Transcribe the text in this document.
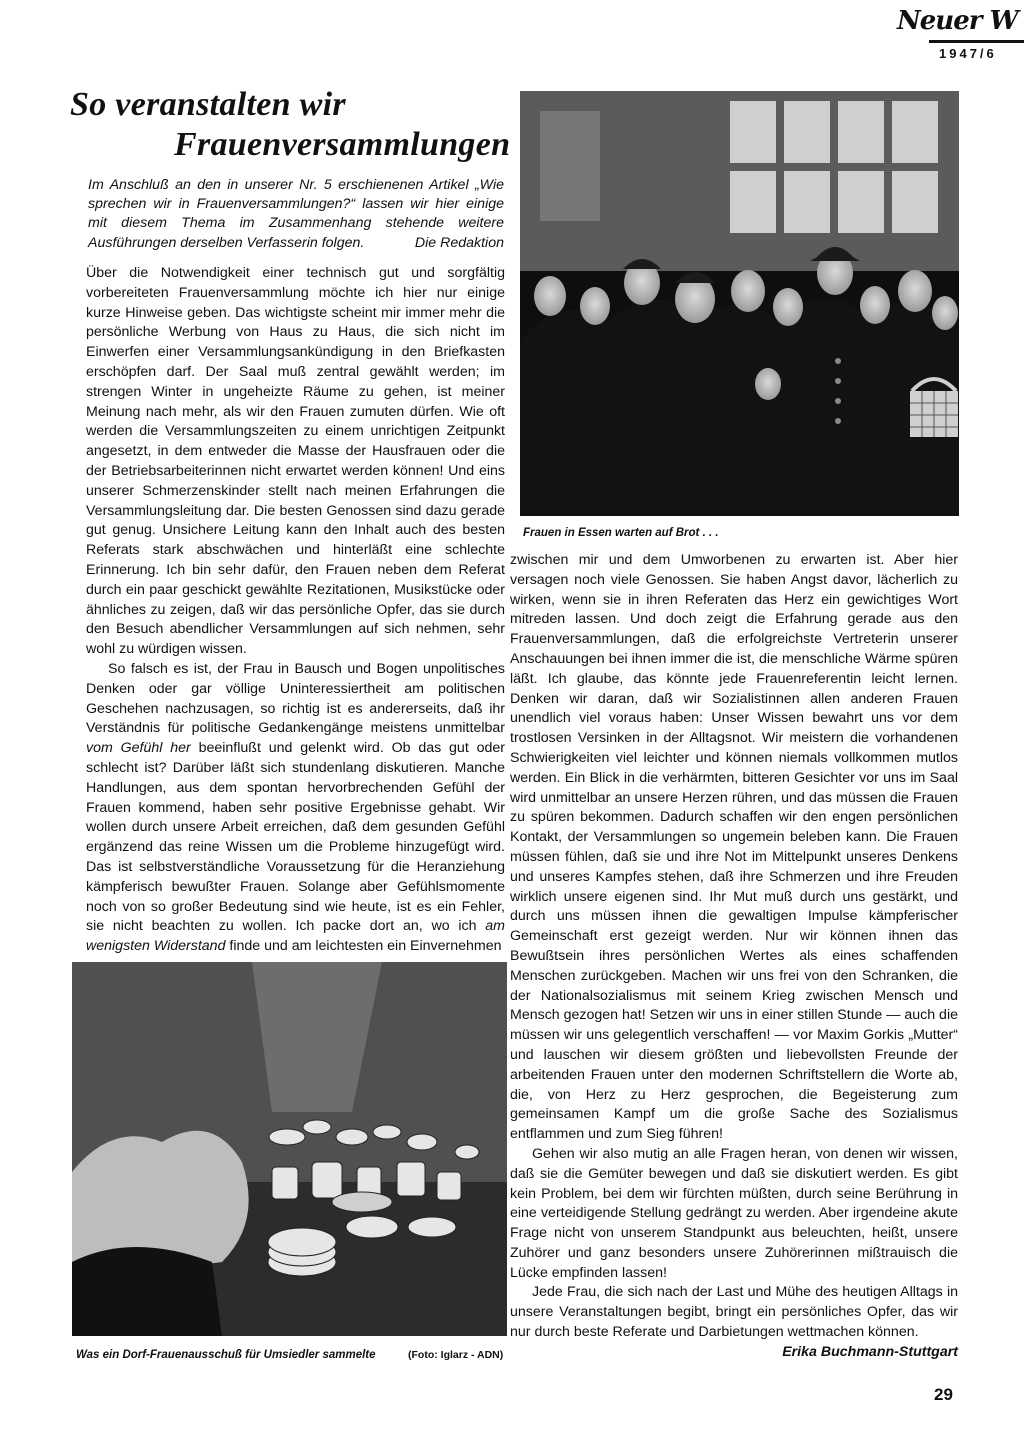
Neuer W
1947/6
So veranstalten wir
Frauenversammlungen
Im Anschluß an den in unserer Nr. 5 erschienenen Artikel „Wie sprechen wir in Frauenversammlungen?“ lassen wir hier einige mit diesem Thema im Zusammenhang stehende weitere Ausführungen derselben Verfasserin folgen.	Die Redaktion

Über die Notwendigkeit einer technisch gut und sorgfältig vorbereiteten Frauenversammlung möchte ich hier nur einige kurze Hinweise geben. Das wichtigste scheint mir immer mehr die persönliche Werbung von Haus zu Haus, die sich nicht im Einwerfen einer Versammlungsankündigung in den Briefkasten erschöpfen darf. Der Saal muß zentral gewählt werden; im strengen Winter in ungeheizte Räume zu gehen, ist meiner Meinung nach mehr, als wir den Frauen zumuten dürfen. Wie oft werden die Versammlungszeiten zu einem unrichtigen Zeitpunkt angesetzt, in dem entweder die Masse der Hausfrauen oder die der Betriebsarbeiterinnen nicht erwartet werden können! Und eins unserer Schmerzenskinder stellt nach meinen Erfahrungen die Versammlungsleitung dar. Die besten Genossen sind dazu gerade gut genug. Unsichere Leitung kann den Inhalt auch des besten Referats stark abschwächen und hinterläßt eine schlechte Erinnerung. Ich bin sehr dafür, den Frauen neben dem Referat durch ein paar geschickt gewählte Rezitationen, Musikstücke oder ähnliches zu zeigen, daß wir das persönliche Opfer, das sie durch den Besuch abendlicher Versammlungen auf sich nehmen, sehr wohl zu würdigen wissen.

So falsch es ist, der Frau in Bausch und Bogen unpolitisches Denken oder gar völlige Uninteressiertheit am politischen Geschehen nachzusagen, so richtig ist es andererseits, daß ihr Verständnis für politische Gedankengänge meistens unmittelbar vom Gefühl her beeinflußt und gelenkt wird. Ob das gut oder schlecht ist? Darüber läßt sich stundenlang diskutieren. Manche Handlungen, aus dem spontan hervorbrechenden Gefühl der Frauen kommend, haben sehr positive Ergebnisse gehabt. Wir wollen durch unsere Arbeit erreichen, daß dem gesunden Gefühl ergänzend das reine Wissen um die Probleme hinzugefügt wird. Das ist selbstverständliche Voraussetzung für die Heranziehung kämpferisch bewußter Frauen. Solange aber Gefühlsmomente noch von so großer Bedeutung sind wie heute, ist es ein Fehler, sie nicht beachten zu wollen. Ich packe dort an, wo ich am wenigsten Widerstand finde und am leichtesten ein Einvernehmen

zwischen mir und dem Umworbenen zu erwarten ist. Aber hier versagen noch viele Genossen. Sie haben Angst davor, lächerlich zu wirken, wenn sie in ihren Referaten das Herz ein gewichtiges Wort mitreden lassen. Und doch zeigt die Erfahrung gerade aus den Frauenversammlungen, daß die erfolgreichste Vertreterin unserer Anschauungen bei ihnen immer die ist, die menschliche Wärme spüren läßt. Ich glaube, das könnte jede Frauenreferentin leicht lernen. Denken wir daran, daß wir Sozialistinnen allen anderen Frauen unendlich viel voraus haben: Unser Wissen bewahrt uns vor dem trostlosen Versinken in der Alltagsnot. Wir meistern die vorhandenen Schwierigkeiten viel leichter und können niemals vollkommen mutlos werden. Ein Blick in die verhärmten, bitteren Gesichter vor uns im Saal wird unmittelbar an unsere Herzen rühren, und das müssen die Frauen zu spüren bekommen. Dadurch schaffen wir den engen persönlichen Kontakt, der Versammlungen so ungemein beleben kann. Die Frauen müssen fühlen, daß sie und ihre Not im Mittelpunkt unseres Denkens und unseres Kampfes stehen, daß ihre Schmerzen und ihre Freuden wirklich unsere eigenen sind. Ihr Mut muß durch uns gestärkt, und durch uns müssen ihnen die gewaltigen Impulse kämpferischer Gemeinschaft erst gezeigt werden. Nur wir können ihnen das Bewußtsein ihres persönlichen Wertes als eines schaffenden Menschen zurückgeben. Machen wir uns frei von den Schranken, die der Nationalsozialismus mit seinem Krieg zwischen Mensch und Mensch gezogen hat! Setzen wir uns in einer stillen Stunde — auch die müssen wir uns gelegentlich verschaffen! — vor Maxim Gorkis „Mutter“ und lauschen wir diesem größten und liebevollsten Freunde der arbeitenden Frauen unter den modernen Schriftstellern die Worte ab, die, von Herz zu Herz gesprochen, die Begeisterung zum gemeinsamen Kampf um die große Sache des Sozialismus entflammen und zum Sieg führen!

Gehen wir also mutig an alle Fragen heran, von denen wir wissen, daß sie die Gemüter bewegen und daß sie diskutiert werden. Es gibt kein Problem, bei dem wir fürchten müßten, durch seine Berührung in eine verteidigende Stellung gedrängt zu werden. Aber irgendeine akute Frage nicht von unserem Standpunkt aus beleuchten, heißt, unsere Zuhörer und ganz besonders unsere Zuhörerinnen mißtrauisch die Lücke empfinden lassen!

Jede Frau, die sich nach der Last und Mühe des heutigen Alltags in unsere Veranstaltungen begibt, bringt ein persönliches Opfer, das wir nur durch beste Referate und Darbietungen wettmachen können.

Erika Buchmann-Stuttgart
Frauen in Essen warten auf Brot . . .
Was ein Dorf-Frauenausschuß für Umsiedler sammelte	(Foto: Iglarz - ADN)
29
